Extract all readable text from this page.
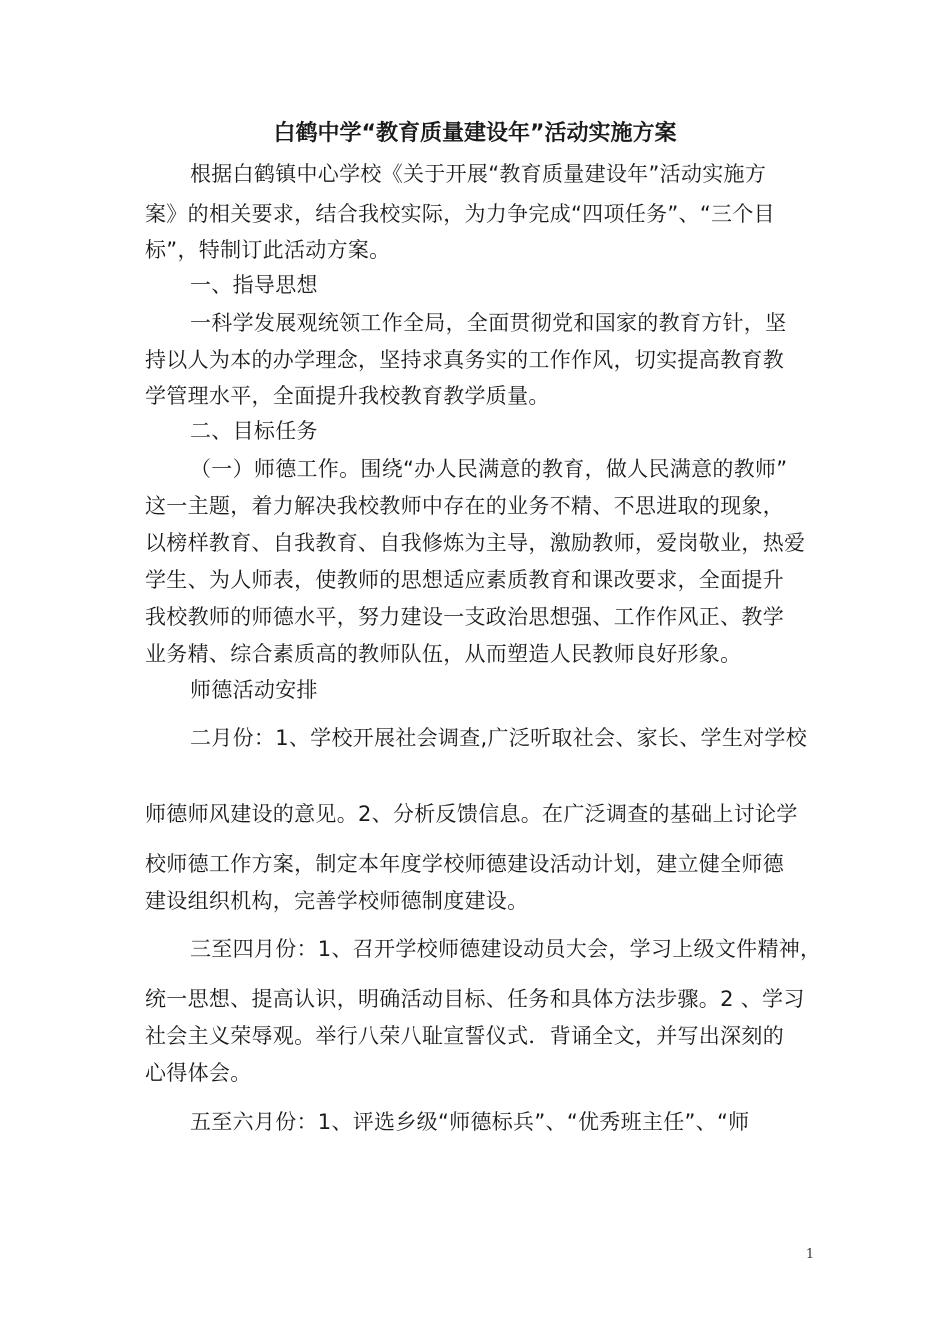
白鹤中学“教育质量建设年”活动实施方案
根据白鹤镇中心学校《关于开展“教育质量建设年”活动实施方
案》的相关要求，结合我校实际，为力争完成“四项任务”、“三个目
标”，特制订此活动方案。
一、指导思想
一科学发展观统领工作全局，全面贯彻党和国家的教育方针，坚
持以人为本的办学理念，坚持求真务实的工作作风，切实提高教育教
学管理水平，全面提升我校教育教学质量。
二、目标任务
（一）师德工作。围绕“办人民满意的教育，做人民满意的教师”
这一主题，着力解决我校教师中存在的业务不精、不思进取的现象，
以榜样教育、自我教育、自我修炼为主导，激励教师，爱岗敬业，热爱
学生、为人师表，使教师的思想适应素质教育和课改要求，全面提升
我校教师的师德水平，努力建设一支政治思想强、工作作风正、教学
业务精、综合素质高的教师队伍，从而塑造人民教师良好形象。
师德活动安排
二月份：1、学校开展社会调查,广泛听取社会、家长、学生对学校
师德师风建设的意见。2、分析反馈信息。在广泛调查的基础上讨论学
校师德工作方案，制定本年度学校师德建设活动计划，建立健全师德
建设组织机构，完善学校师德制度建设。
三至四月份：1、召开学校师德建设动员大会，学习上级文件精神，
统一思想、提高认识，明确活动目标、任务和具体方法步骤。2 、学习
社会主义荣辱观。举行八荣八耻宣誓仪式．背诵全文，并写出深刻的
心得体会。
五至六月份：1、评选乡级“师德标兵”、“优秀班主任”、“师
1
